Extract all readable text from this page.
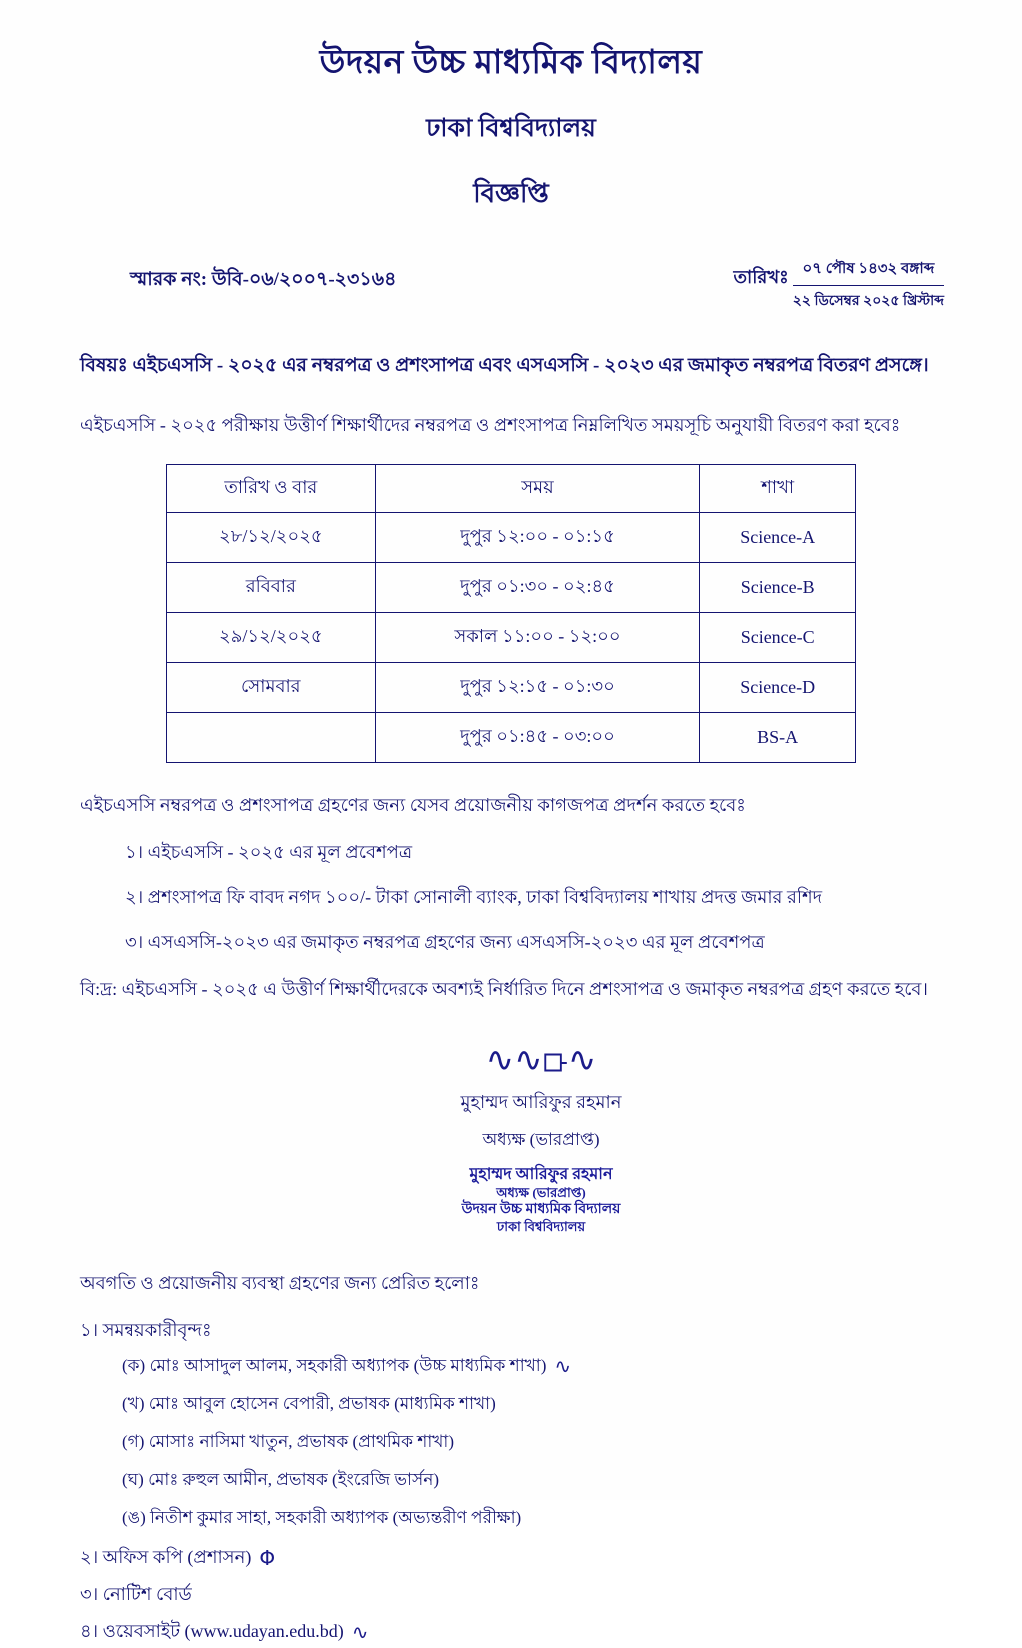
উদয়ন উচ্চ মাধ্যমিক বিদ্যালয়
ঢাকা বিশ্ববিদ্যালয়
বিজ্ঞপ্তি
স্মারক নং: উবি-০৬/২০০৭-২৩১৬৪	তারিখঃ ০৭ পৌষ ১৪৩২ বঙ্গাব্দ
২২ ডিসেম্বর ২০২৫ খ্রিস্টাব্দ
বিষয়ঃ এইচএসসি - ২০২৫ এর নম্বরপত্র ও প্রশংসাপত্র এবং এসএসসি - ২০২৩ এর জমাকৃত নম্বরপত্র বিতরণ প্রসঙ্গে।
এইচএসসি - ২০২৫ পরীক্ষায় উত্তীর্ণ শিক্ষার্থীদের নম্বরপত্র ও প্রশংসাপত্র নিম্নলিখিত সময়সূচি অনুযায়ী বিতরণ করা হবেঃ
তারিখ ও বার	সময়	শাখা
২৮/১২/২০২৫	দুপুর ১২:০০ - ০১:১৫	Science-A
রবিবার	দুপুর ০১:৩০ - ০২:৪৫	Science-B
২৯/১২/২০২৫	সকাল ১১:০০ - ১২:০০	Science-C
সোমবার	দুপুর ১২:১৫ - ০১:৩০	Science-D
	দুপুর ০১:৪৫ - ০৩:০০	BS-A
এইচএসসি নম্বরপত্র ও প্রশংসাপত্র গ্রহণের জন্য যেসব প্রয়োজনীয় কাগজপত্র প্রদর্শন করতে হবেঃ
১। এইচএসসি - ২০২৫ এর মূল প্রবেশপত্র
২। প্রশংসাপত্র ফি বাবদ নগদ ১০০/- টাকা সোনালী ব্যাংক, ঢাকা বিশ্ববিদ্যালয় শাখায় প্রদত্ত জমার রশিদ
৩। এসএসসি-২০২৩ এর জমাকৃত নম্বরপত্র গ্রহণের জন্য এসএসসি-২০২৩ এর মূল প্রবেশপত্র
বি:দ্র: এইচএসসি - ২০২৫ এ উত্তীর্ণ শিক্ষার্থীদেরকে অবশ্যই নির্ধারিত দিনে প্রশংসাপত্র ও জমাকৃত নম্বরপত্র গ্রহণ করতে হবে।
∿∿⟥∿
মুহাম্মদ আরিফুর রহমান
অধ্যক্ষ (ভারপ্রাপ্ত)
মুহাম্মদ আরিফুর রহমান
অধ্যক্ষ (ভারপ্রাপ্ত)
উদয়ন উচ্চ মাধ্যমিক বিদ্যালয়
ঢাকা বিশ্ববিদ্যালয়
অবগতি ও প্রয়োজনীয় ব্যবস্থা গ্রহণের জন্য প্রেরিত হলোঃ
১। সমন্বয়কারীবৃন্দঃ
(ক) মোঃ আসাদুল আলম, সহকারী অধ্যাপক (উচ্চ মাধ্যমিক শাখা) ∿
(খ) মোঃ আবুল হোসেন বেপারী, প্রভাষক (মাধ্যমিক শাখা)
(গ) মোসাঃ নাসিমা খাতুন, প্রভাষক (প্রাথমিক শাখা)
(ঘ) মোঃ রুহুল আমীন, প্রভাষক (ইংরেজি ভার্সন)
(ঙ) নিতীশ কুমার সাহা, সহকারী অধ্যাপক (অভ্যন্তরীণ পরীক্ষা)
২। অফিস কপি (প্রশাসন) Φ
৩। নোটিশ বোর্ড
৪। ওয়েবসাইট (www.udayan.edu.bd) ∿
